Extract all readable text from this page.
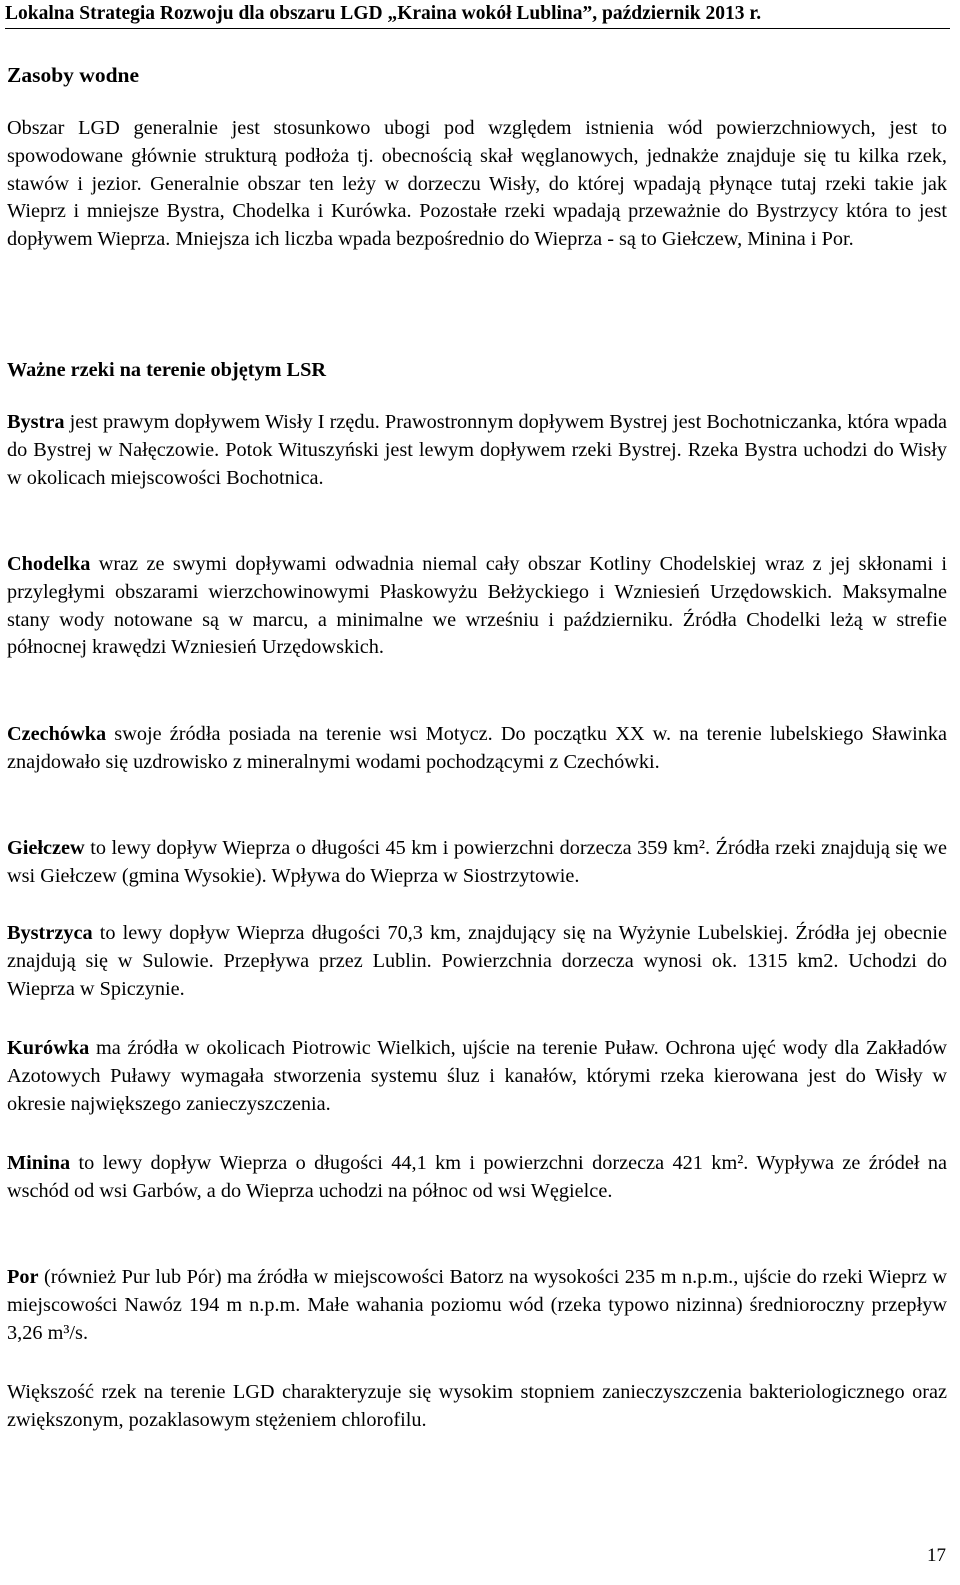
Lokalna Strategia Rozwoju dla obszaru LGD „Kraina wokół Lublina”, październik 2013 r.
Zasoby wodne

Obszar LGD generalnie jest stosunkowo ubogi pod względem istnienia wód powierzchniowych, jest to spowodowane głównie strukturą podłoża tj. obecnością skał węglanowych, jednakże znajduje się tu kilka rzek, stawów i jezior. Generalnie obszar ten leży w dorzeczu Wisły, do której wpadają płynące tutaj rzeki takie jak Wieprz i mniejsze Bystra, Chodelka i Kurówka. Pozostałe rzeki wpadają przeważnie do Bystrzycy która to jest dopływem Wieprza. Mniejsza ich liczba wpada bezpośrednio do Wieprza - są to Giełczew, Minina i Por.

Ważne rzeki na terenie objętym LSR

Bystra jest prawym dopływem Wisły I rzędu. Prawostronnym dopływem Bystrej jest Bochotniczanka, która wpada do Bystrej w Nałęczowie. Potok Wituszyński jest lewym dopływem rzeki Bystrej. Rzeka Bystra uchodzi do Wisły w okolicach miejscowości Bochotnica.

Chodelka wraz ze swymi dopływami odwadnia niemal cały obszar Kotliny Chodelskiej wraz z jej skłonami i przyległymi obszarami wierzchowinowymi Płaskowyżu Bełżyckiego i Wzniesień Urzędowskich. Maksymalne stany wody notowane są w marcu, a minimalne we wrześniu i październiku. Źródła Chodelki leżą w strefie północnej krawędzi Wzniesień Urzędowskich.

Czechówka swoje źródła posiada na terenie wsi Motycz. Do początku XX w. na terenie lubelskiego Sławinka znajdowało się uzdrowisko z mineralnymi wodami pochodzącymi z Czechówki.

Giełczew to lewy dopływ Wieprza o długości 45 km i powierzchni dorzecza 359 km². Źródła rzeki znajdują się we wsi Giełczew (gmina Wysokie). Wpływa do Wieprza w Siostrzytowie.

Bystrzyca to lewy dopływ Wieprza długości 70,3 km, znajdujący się na Wyżynie Lubelskiej. Źródła jej obecnie znajdują się w Sulowie. Przepływa przez Lublin. Powierzchnia dorzecza wynosi ok. 1315 km2. Uchodzi do Wieprza w Spiczynie.

Kurówka ma źródła w okolicach Piotrowic Wielkich, ujście na terenie Puław. Ochrona ujęć wody dla Zakładów Azotowych Puławy wymagała stworzenia systemu śluz i kanałów, którymi rzeka kierowana jest do Wisły w okresie największego zanieczyszczenia.

Minina to lewy dopływ Wieprza o długości 44,1 km i powierzchni dorzecza 421 km². Wypływa ze źródeł na wschód od wsi Garbów, a do Wieprza uchodzi na północ od wsi Węgielce.

Por (również Pur lub Pór) ma źródła w miejscowości Batorz na wysokości 235 m n.p.m., ujście do rzeki Wieprz w miejscowości Nawóz 194 m n.p.m. Małe wahania poziomu wód (rzeka typowo nizinna) średnioroczny przepływ 3,26 m³/s.

Większość rzek na terenie LGD charakteryzuje się wysokim stopniem zanieczyszczenia bakteriologicznego oraz zwiększonym, pozaklasowym stężeniem chlorofilu.

17
